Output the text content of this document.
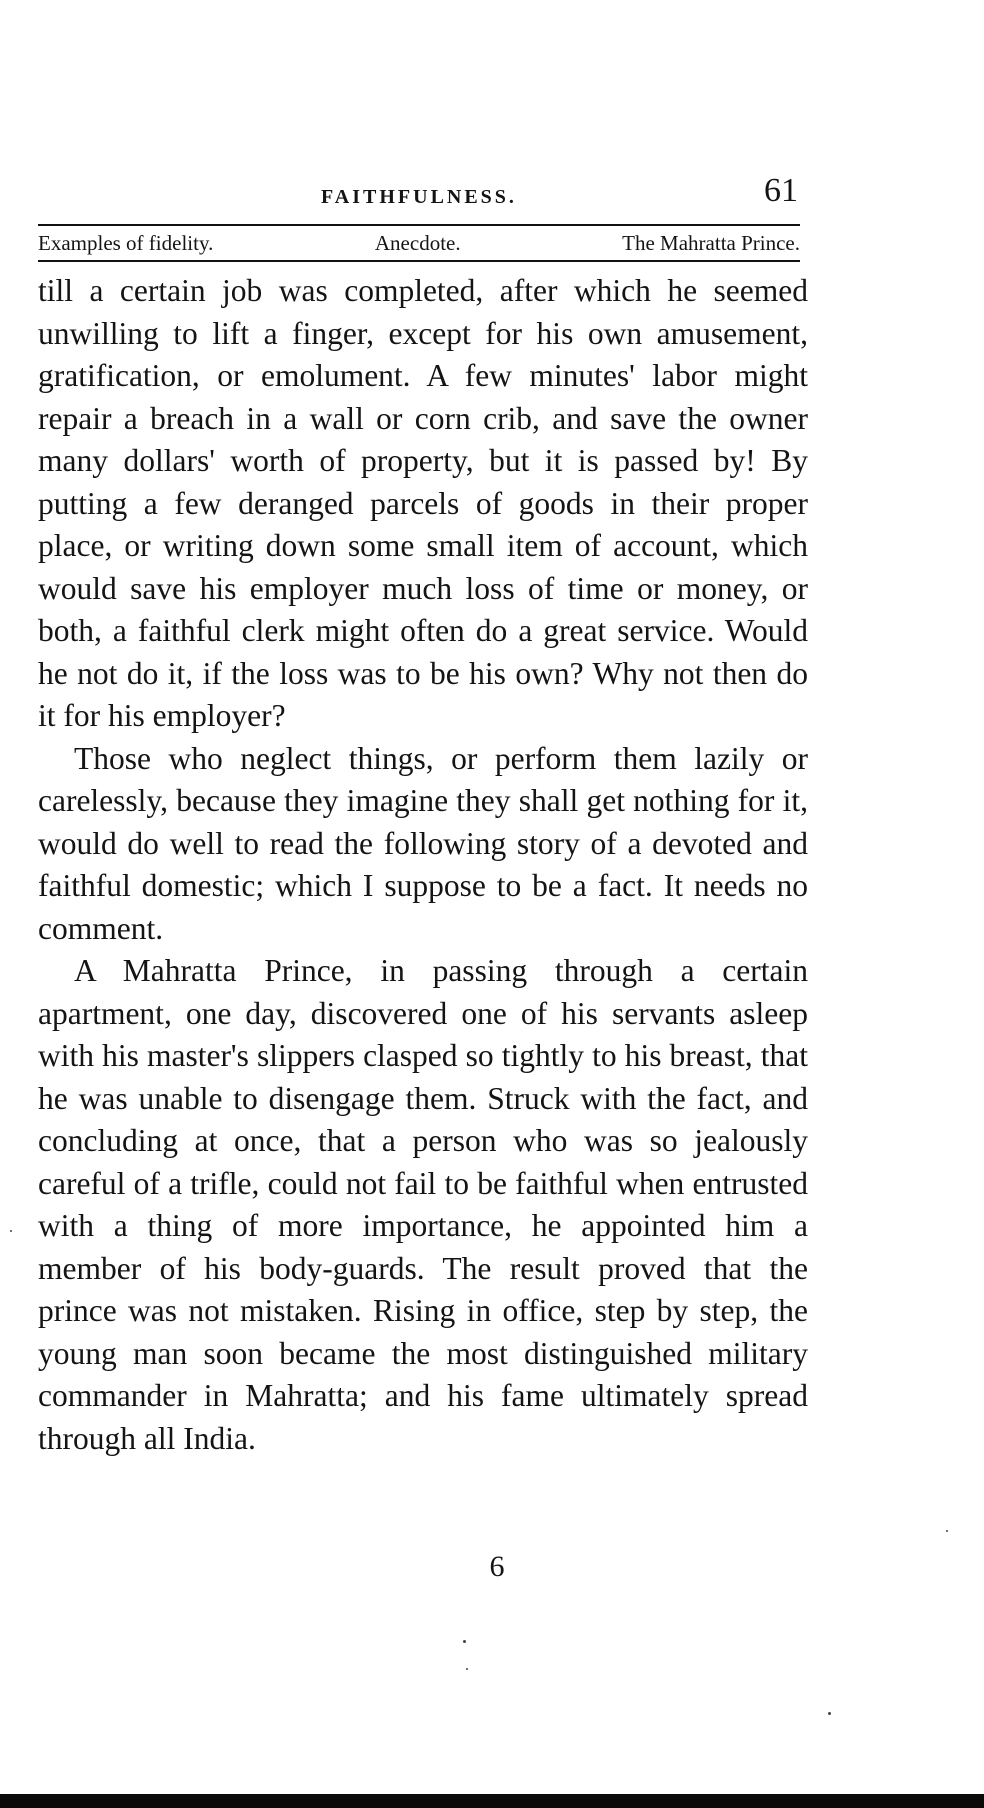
FAITHFULNESS.	61
Examples of fidelity.	Anecdote.	The Mahratta Prince.

till a certain job was completed, after which he seemed unwilling to lift a finger, except for his own amusement, gratification, or emolument. A few minutes' labor might repair a breach in a wall or corn crib, and save the owner many dollars' worth of property, but it is passed by! By putting a few deranged parcels of goods in their proper place, or writing down some small item of account, which would save his employer much loss of time or money, or both, a faithful clerk might often do a great service. Would he not do it, if the loss was to be his own? Why not then do it for his employer?

Those who neglect things, or perform them lazily or carelessly, because they imagine they shall get nothing for it, would do well to read the following story of a devoted and faithful domestic; which I suppose to be a fact. It needs no comment.

A Mahratta Prince, in passing through a certain apartment, one day, discovered one of his servants asleep with his master's slippers clasped so tightly to his breast, that he was unable to disengage them. Struck with the fact, and concluding at once, that a person who was so jealously careful of a trifle, could not fail to be faithful when entrusted with a thing of more importance, he appointed him a member of his body-guards. The result proved that the prince was not mistaken. Rising in office, step by step, the young man soon became the most distinguished military commander in Mahratta; and his fame ultimately spread through all India.

6
